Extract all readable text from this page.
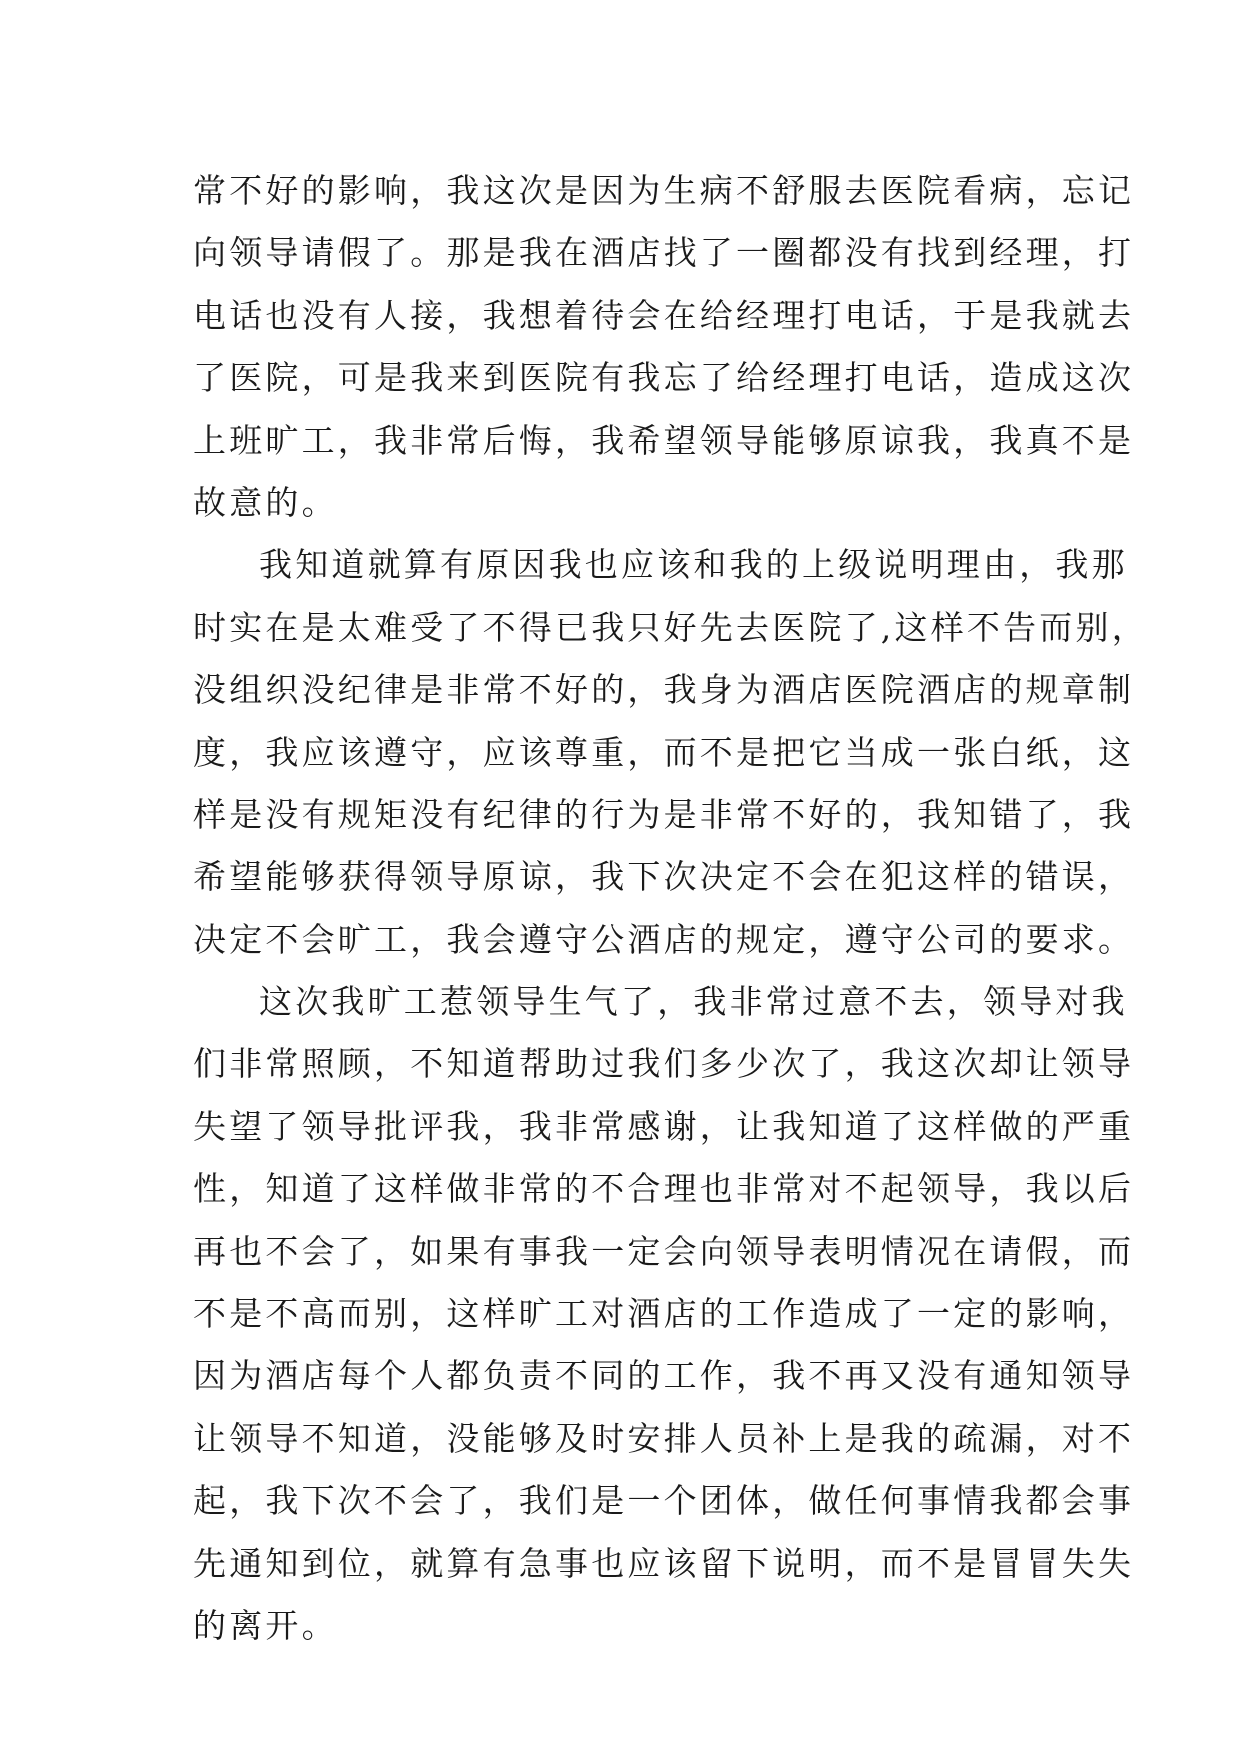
常不好的影响，我这次是因为生病不舒服去医院看病，忘记
向领导请假了。那是我在酒店找了一圈都没有找到经理，打
电话也没有人接，我想着待会在给经理打电话，于是我就去
了医院，可是我来到医院有我忘了给经理打电话，造成这次
上班旷工，我非常后悔，我希望领导能够原谅我，我真不是
故意的。
我知道就算有原因我也应该和我的上级说明理由，我那
时实在是太难受了不得已我只好先去医院了,这样不告而别，
没组织没纪律是非常不好的，我身为酒店医院酒店的规章制
度，我应该遵守，应该尊重，而不是把它当成一张白纸，这
样是没有规矩没有纪律的行为是非常不好的，我知错了，我
希望能够获得领导原谅，我下次决定不会在犯这样的错误，
决定不会旷工，我会遵守公酒店的规定，遵守公司的要求。
这次我旷工惹领导生气了，我非常过意不去，领导对我
们非常照顾，不知道帮助过我们多少次了，我这次却让领导
失望了领导批评我，我非常感谢，让我知道了这样做的严重
性，知道了这样做非常的不合理也非常对不起领导，我以后
再也不会了，如果有事我一定会向领导表明情况在请假，而
不是不高而别，这样旷工对酒店的工作造成了一定的影响，
因为酒店每个人都负责不同的工作，我不再又没有通知领导
让领导不知道，没能够及时安排人员补上是我的疏漏，对不
起，我下次不会了，我们是一个团体，做任何事情我都会事
先通知到位，就算有急事也应该留下说明，而不是冒冒失失
的离开。
